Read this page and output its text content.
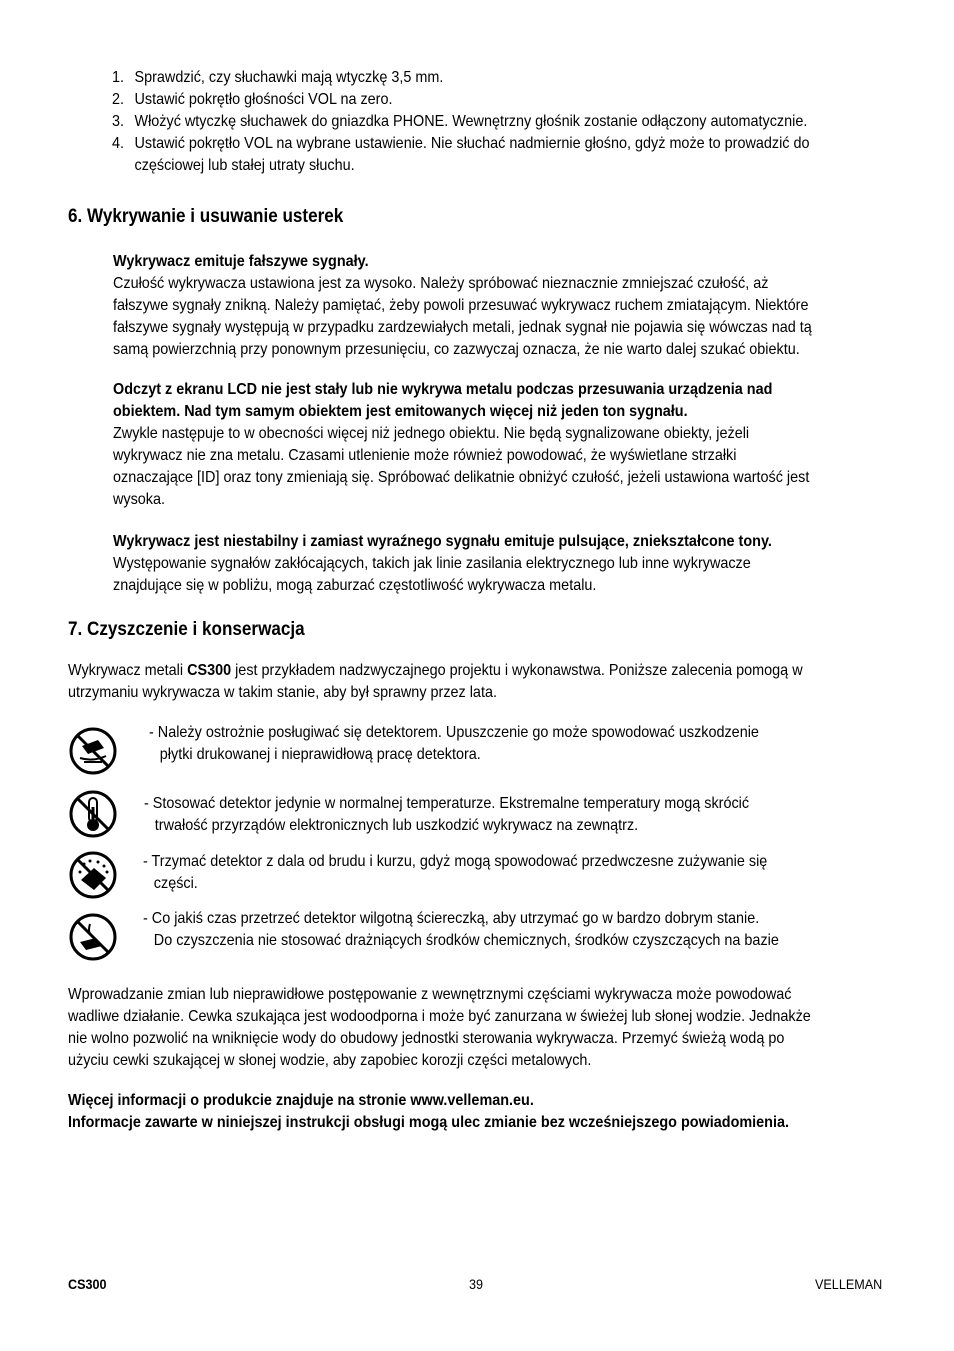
1. Sprawdzić, czy słuchawki mają wtyczkę 3,5 mm.
2. Ustawić pokrętło głośności VOL na zero.
3. Włożyć wtyczkę słuchawek do gniazdka PHONE. Wewnętrzny głośnik zostanie odłączony automatycznie.
4. Ustawić pokrętło VOL na wybrane ustawienie. Nie słuchać nadmiernie głośno, gdyż może to prowadzić do
częściowej lub stałej utraty słuchu.
6. Wykrywanie i usuwanie usterek
Wykrywacz emituje fałszywe sygnały.
Czułość wykrywacza ustawiona jest za wysoko. Należy spróbować nieznacznie zmniejszać czułość, aż
fałszywe sygnały znikną. Należy pamiętać, żeby powoli przesuwać wykrywacz ruchem zmiatającym. Niektóre
fałszywe sygnały występują w przypadku zardzewiałych metali, jednak sygnał nie pojawia się wówczas nad tą
samą powierzchnią przy ponownym przesunięciu, co zazwyczaj oznacza, że nie warto dalej szukać obiektu.
Odczyt z ekranu LCD nie jest stały lub nie wykrywa metalu podczas przesuwania urządzenia nad
obiektem. Nad tym samym obiektem jest emitowanych więcej niż jeden ton sygnału.
Zwykle następuje to w obecności więcej niż jednego obiektu. Nie będą sygnalizowane obiekty, jeżeli
wykrywacz nie zna metalu. Czasami utlenienie może również powodować, że wyświetlane strzałki
oznaczające [ID] oraz tony zmieniają się. Spróbować delikatnie obniżyć czułość, jeżeli ustawiona wartość jest
wysoka.
Wykrywacz jest niestabilny i zamiast wyraźnego sygnału emituje pulsujące, zniekształcone tony.
Występowanie sygnałów zakłócających, takich jak linie zasilania elektrycznego lub inne wykrywacze
znajdujące się w pobliżu, mogą zaburzać częstotliwość wykrywacza metalu.
7. Czyszczenie i konserwacja
Wykrywacz metali CS300 jest przykładem nadzwyczajnego projektu i wykonawstwa. Poniższe zalecenia pomogą w
utrzymaniu wykrywacza w takim stanie, aby był sprawny przez lata.
- Należy ostrożnie posługiwać się detektorem. Upuszczenie go może spowodować uszkodzenie
płytki drukowanej i nieprawidłową pracę detektora.
- Stosować detektor jedynie w normalnej temperaturze. Ekstremalne temperatury mogą skrócić
trwałość przyrządów elektronicznych lub uszkodzić wykrywacz na zewnątrz.
- Trzymać detektor z dala od brudu i kurzu, gdyż mogą spowodować przedwczesne zużywanie się
części.
- Co jakiś czas przetrzeć detektor wilgotną ściereczką, aby utrzymać go w bardzo dobrym stanie.
Do czyszczenia nie stosować drażniących środków chemicznych, środków czyszczących na bazie
Wprowadzanie zmian lub nieprawidłowe postępowanie z wewnętrznymi częściami wykrywacza może powodować
wadliwe działanie. Cewka szukająca jest wodoodporna i może być zanurzana w świeżej lub słonej wodzie. Jednakże
nie wolno pozwolić na wniknięcie wody do obudowy jednostki sterowania wykrywacza. Przemyć świeżą wodą po
użyciu cewki szukającej w słonej wodzie, aby zapobiec korozji części metalowych.
Więcej informacji o produkcie znajduje na stronie www.velleman.eu.
Informacje zawarte w niniejszej instrukcji obsługi mogą ulec zmianie bez wcześniejszego powiadomienia.
CS300	39	VELLEMAN
